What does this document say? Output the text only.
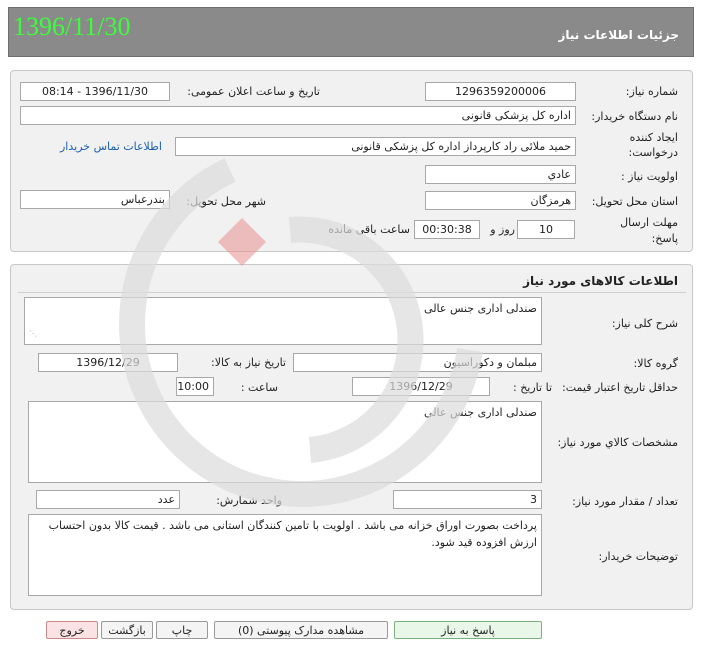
1396/11/30	جزئیات اطلاعات نیاز
شماره نیاز:
1296359200006
تاریخ و ساعت اعلان عمومی:
1396/11/30 - 08:14
نام دستگاه خریدار:
اداره کل پزشکی قانونی
ایجاد کننده
درخواست:
حمید ملائی راد کارپرداز اداره کل پزشکی قانونی
اطلاعات تماس خریدار
اولویت نیاز :
عادي
استان محل تحویل:
هرمزگان
شهر محل تحویل:
بندرعباس
مهلت ارسال
پاسخ:
10
روز و
00:30:38
ساعت باقی مانده
اطلاعات کالاهای مورد نیاز
شرح کلی نیاز:
صندلی اداری جنس عالی
⋰
گروه کالا:
مبلمان و دکوراسیون
تاریخ نیاز به کالا:
1396/12/29
حداقل تاریخ اعتبار قیمت:
تا تاریخ :
1396/12/29
ساعت :
10:00
مشخصات کالاي مورد نیاز:
صندلی اداری جنس عالی
تعداد / مقدار مورد نیاز:
3
واحد شمارش:
عدد
توضیحات خریدار:
پرداخت بصورت اوراق خزانه می باشد . اولویت با تامین کنندگان استانی می باشد . قیمت کالا بدون احتساب ارزش افزوده قید شود.
پاسخ به نیاز
مشاهده مدارک پیوستی (0)
چاپ
بازگشت
خروج
